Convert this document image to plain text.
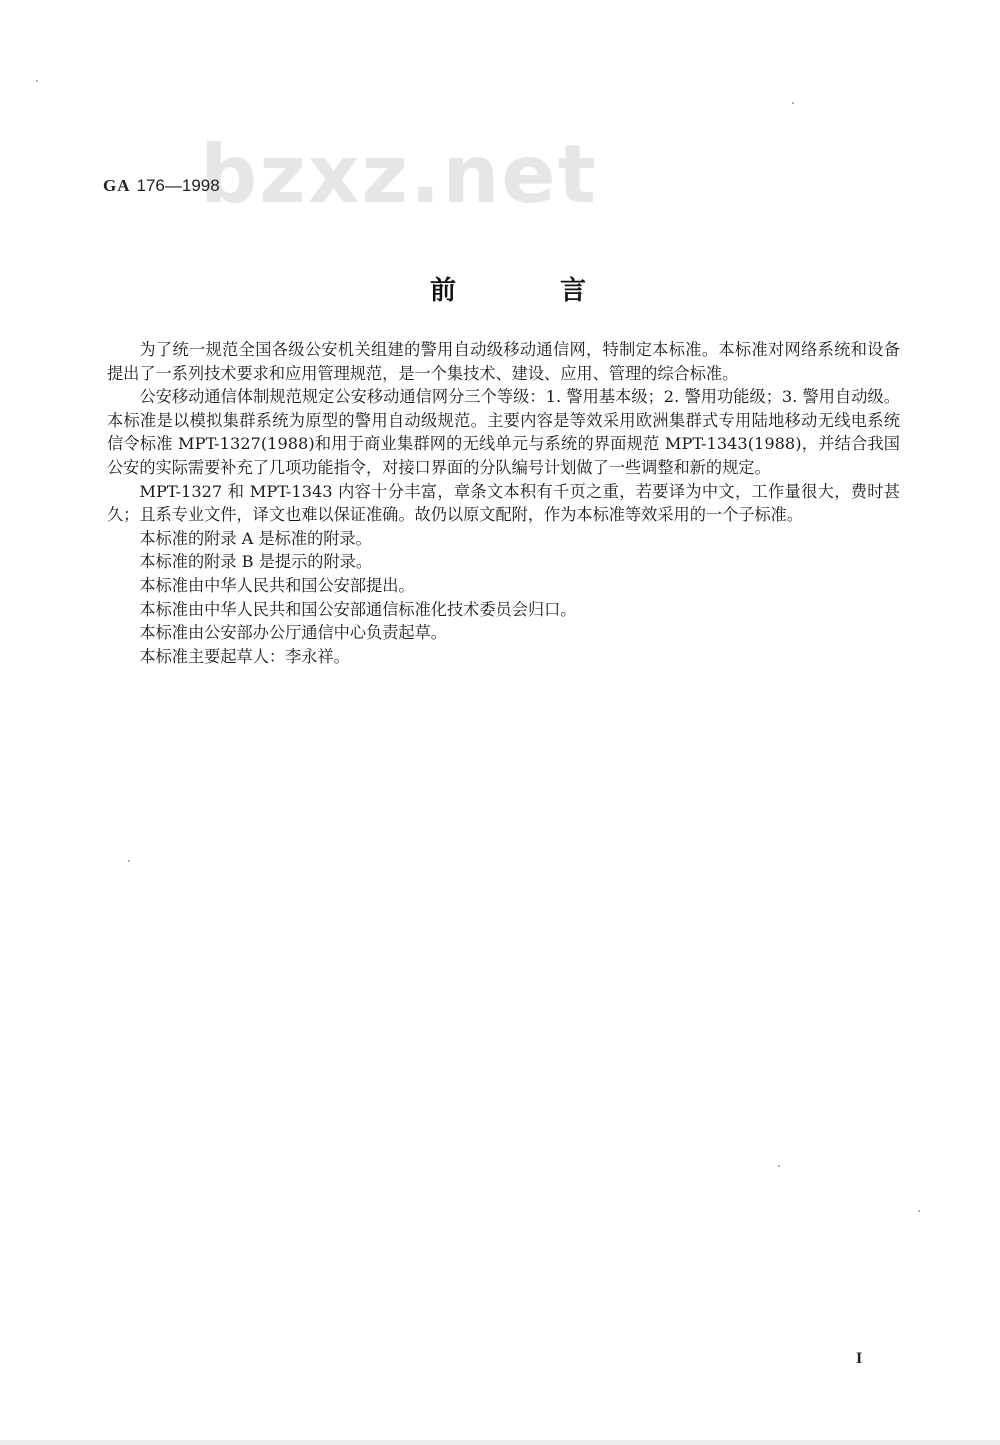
bzxz.net
GA 176—1998
前言

为了统一规范全国各级公安机关组建的警用自动级移动通信网，特制定本标准。本标准对网络系统和设备提出了一系列技术要求和应用管理规范，是一个集技术、建设、应用、管理的综合标准。

公安移动通信体制规范规定公安移动通信网分三个等级：1. 警用基本级；2. 警用功能级；3. 警用自动级。本标准是以模拟集群系统为原型的警用自动级规范。主要内容是等效采用欧洲集群式专用陆地移动无线电系统信令标准 MPT-1327(1988)和用于商业集群网的无线单元与系统的界面规范 MPT-1343(1988)，并结合我国公安的实际需要补充了几项功能指令，对接口界面的分队编号计划做了一些调整和新的规定。

MPT-1327 和 MPT-1343 内容十分丰富，章条文本积有千页之重，若要译为中文，工作量很大，费时甚久；且系专业文件，译文也难以保证准确。故仍以原文配附，作为本标准等效采用的一个子标准。

本标准的附录 A 是标准的附录。

本标准的附录 B 是提示的附录。

本标准由中华人民共和国公安部提出。

本标准由中华人民共和国公安部通信标准化技术委员会归口。

本标准由公安部办公厅通信中心负责起草。

本标准主要起草人：李永祥。

I
